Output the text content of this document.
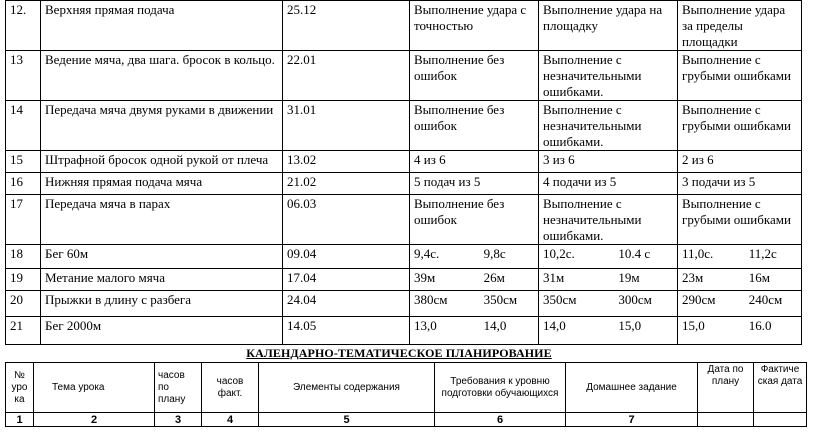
12.	Верхняя прямая подача	25.12	Выполнение удара с точностью	Выполнение удара на площадку	Выполнение удара за пределы площадки
13	Ведение мяча, два шага. бросок в кольцо.	22.01	Выполнение без ошибок	Выполнение с незначительными ошибками.	Выполнение с грубыми ошибками
14	Передача мяча двумя руками в движении	31.01	Выполнение без ошибок	Выполнение с незначительными ошибками.	Выполнение с грубыми ошибками
15	Штрафной бросок одной рукой от плеча	13.02	4 из 6	3 из 6	2 из 6
16	Нижняя прямая подача мяча	21.02	5 подач из 5	4 подачи из 5	3 подачи из 5
17	Передача мяча в парах	06.03	Выполнение без ошибок	Выполнение с незначительными ошибками.	Выполнение с грубыми ошибками
18	Бег 60м	09.04	9,4с. 9,8с	10,2с. 10.4 с	11,0с. 11,2с
19	Метание малого мяча	17.04	39м 26м	31м 19м	23м 16м
20	Прыжки в длину с разбега	24.04	380см 350см	350см 300см	290см 240см
21	Бег 2000м	14.05	13,0 14,0	14,0 15,0	15,0 16.0
КАЛЕНДАРНО-ТЕМАТИЧЕСКОЕ ПЛАНИРОВАНИЕ
№ уро ка	Тема урока	часов по плану	часов факт.	Элементы содержания	Требования к уровню подготовки обучающихся	Домашнее задание	Дата по плану	Фактиче ская дата
1	2	3	4	5	6	7		
